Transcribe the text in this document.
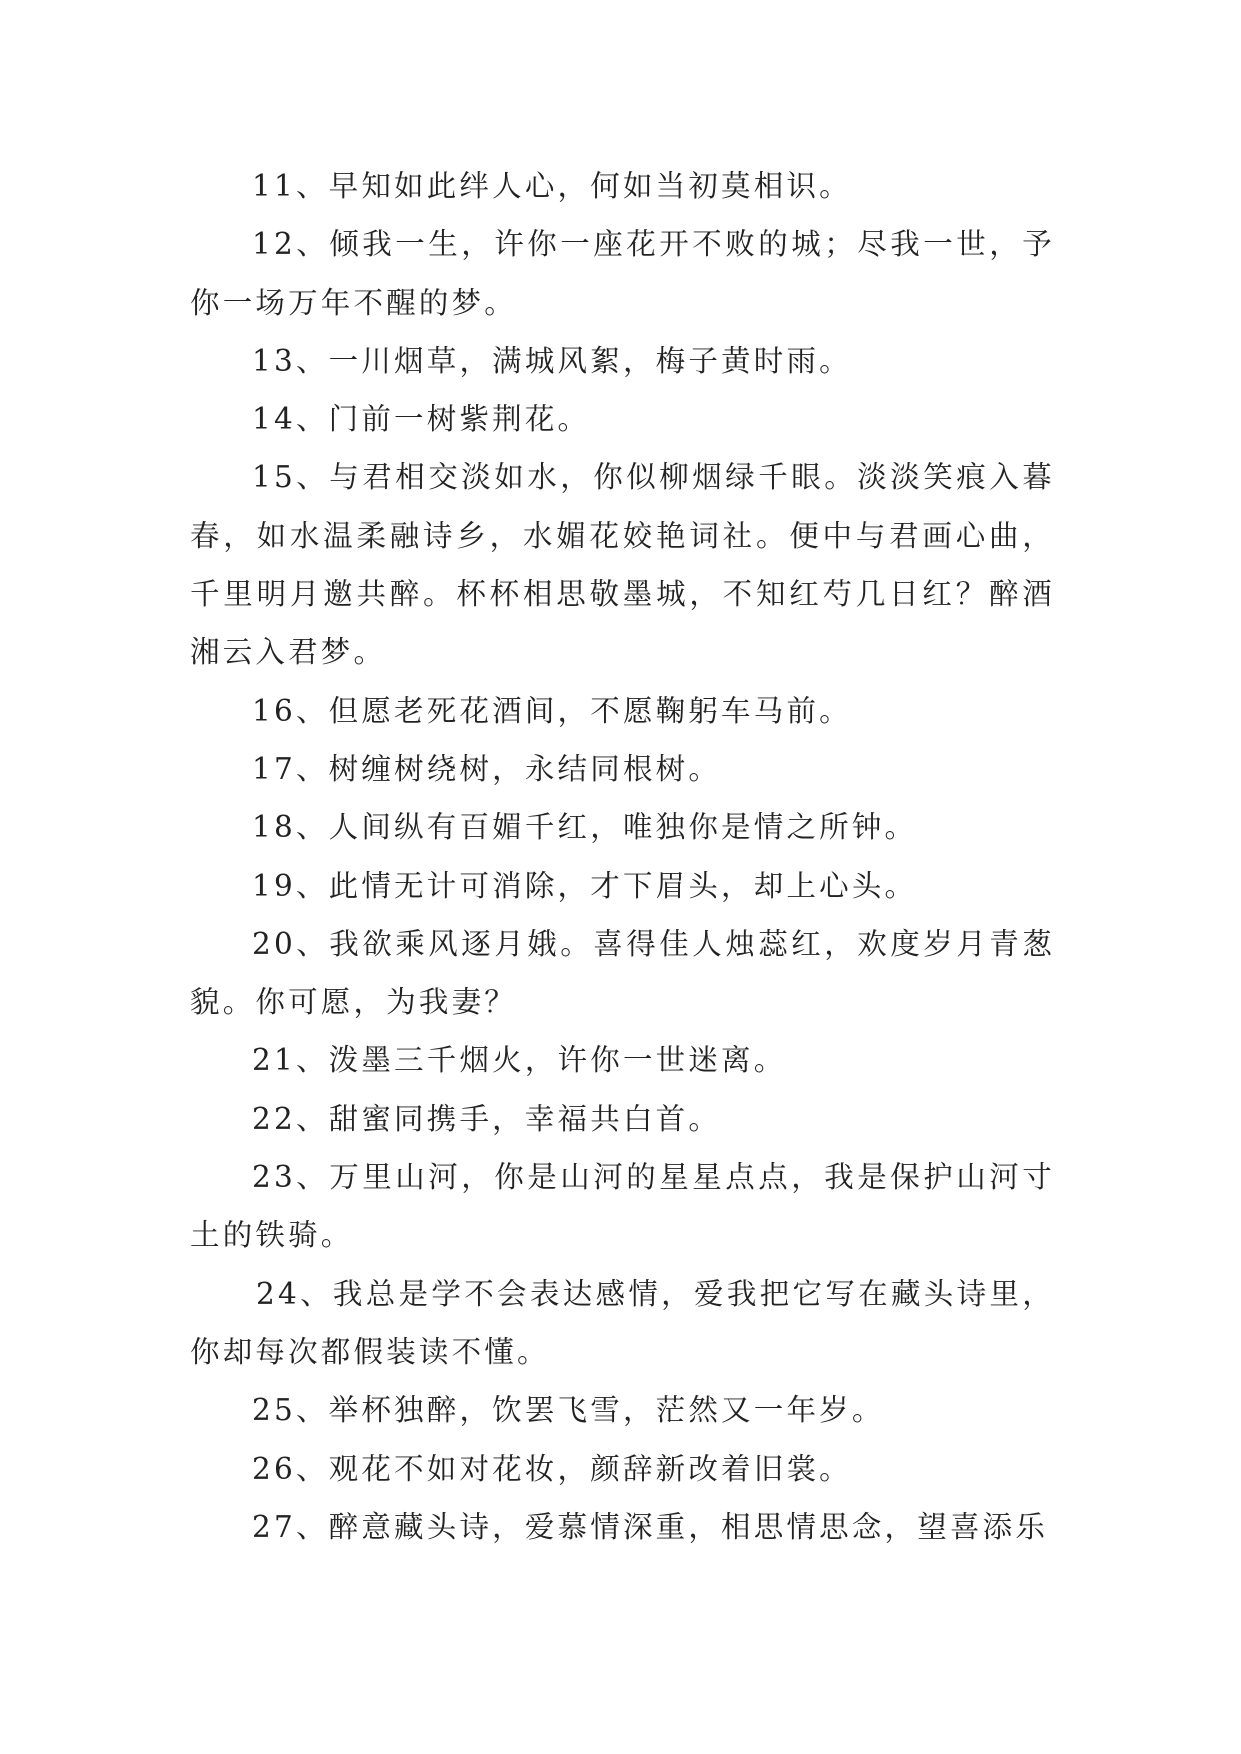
11、早知如此绊人心，何如当初莫相识。

12、倾我一生，许你一座花开不败的城；尽我一世，予你一场万年不醒的梦。

13、一川烟草，满城风絮，梅子黄时雨。

14、门前一树紫荆花。

15、与君相交淡如水，你似柳烟绿千眼。淡淡笑痕入暮春，如水温柔融诗乡，水媚花姣艳词社。便中与君画心曲，千里明月邀共醉。杯杯相思敬墨城，不知红芍几日红？醉酒湘云入君梦。

16、但愿老死花酒间，不愿鞠躬车马前。

17、树缠树绕树，永结同根树。

18、人间纵有百媚千红，唯独你是情之所钟。

19、此情无计可消除，才下眉头，却上心头。

20、我欲乘风逐月娥。喜得佳人烛蕊红，欢度岁月青葱貌。你可愿，为我妻？

21、泼墨三千烟火，许你一世迷离。

22、甜蜜同携手，幸福共白首。

23、万里山河，你是山河的星星点点，我是保护山河寸土的铁骑。

24、我总是学不会表达感情，爱我把它写在藏头诗里，你却每次都假装读不懂。

25、举杯独醉，饮罢飞雪，茫然又一年岁。

26、观花不如对花妆，颜辞新改着旧裳。

27、醉意藏头诗，爱慕情深重，相思情思念，望喜添乐
